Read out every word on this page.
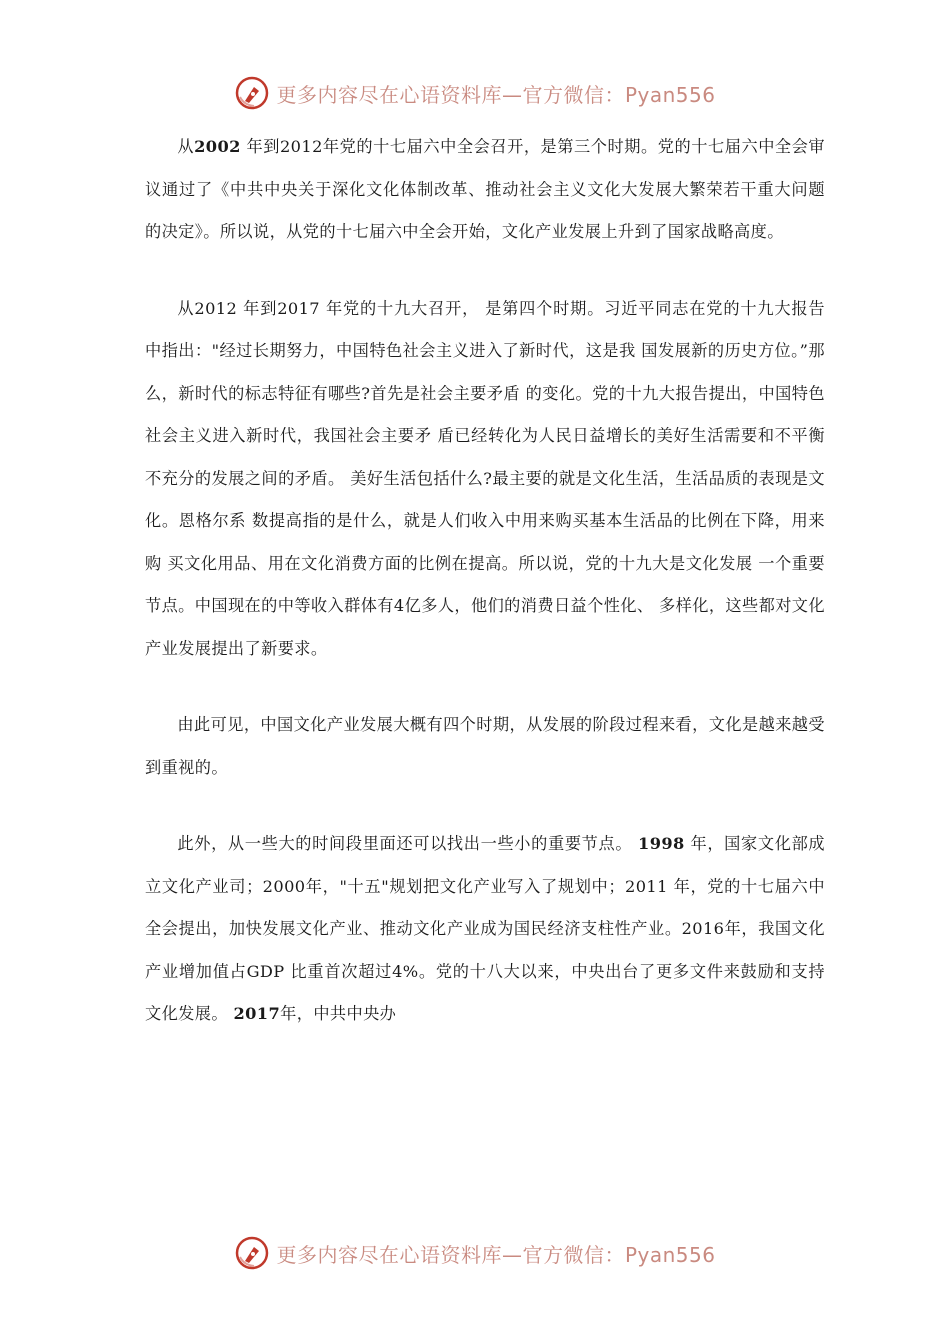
更多内容尽在心语资料库—官方微信：Pyan556

从2002 年到2012年党的十七届六中全会召开，是第三个时期。党的十七届六中全会审议通过了《中共中央关于深化文化体制改革、推动社会主义文化大发展大繁荣若干重大问题的决定》。所以说，从党的十七届六中全会开始，文化产业发展上升到了国家战略高度。

从2012 年到2017 年党的十九大召开， 是第四个时期。习近平同志在党的十九大报告中指出："经过长期努力，中国特色社会主义进入了新时代，这是我 国发展新的历史方位。”那么，新时代的标志特征有哪些?首先是社会主要矛盾 的变化。党的十九大报告提出，中国特色社会主义进入新时代，我国社会主要矛 盾已经转化为人民日益增长的美好生活需要和不平衡不充分的发展之间的矛盾。 美好生活包括什么?最主要的就是文化生活，生活品质的表现是文化。恩格尔系 数提高指的是什么，就是人们收入中用来购买基本生活品的比例在下降，用来购 买文化用品、用在文化消费方面的比例在提高。所以说，党的十九大是文化发展 一个重要节点。中国现在的中等收入群体有4亿多人，他们的消费日益个性化、 多样化，这些都对文化产业发展提出了新要求。

由此可见，中国文化产业发展大概有四个时期，从发展的阶段过程来看，文化是越来越受到重视的。

此外，从一些大的时间段里面还可以找出一些小的重要节点。 1998 年，国家文化部成立文化产业司；2000年，"十五"规划把文化产业写入了规划中；2011 年，党的十七届六中全会提出，加快发展文化产业、推动文化产业成为国民经济支柱性产业。2016年，我国文化产业增加值占GDP 比重首次超过4%。党的十八大以来，中央出台了更多文件来鼓励和支持文化发展。 2017年，中共中央办

更多内容尽在心语资料库—官方微信：Pyan556
